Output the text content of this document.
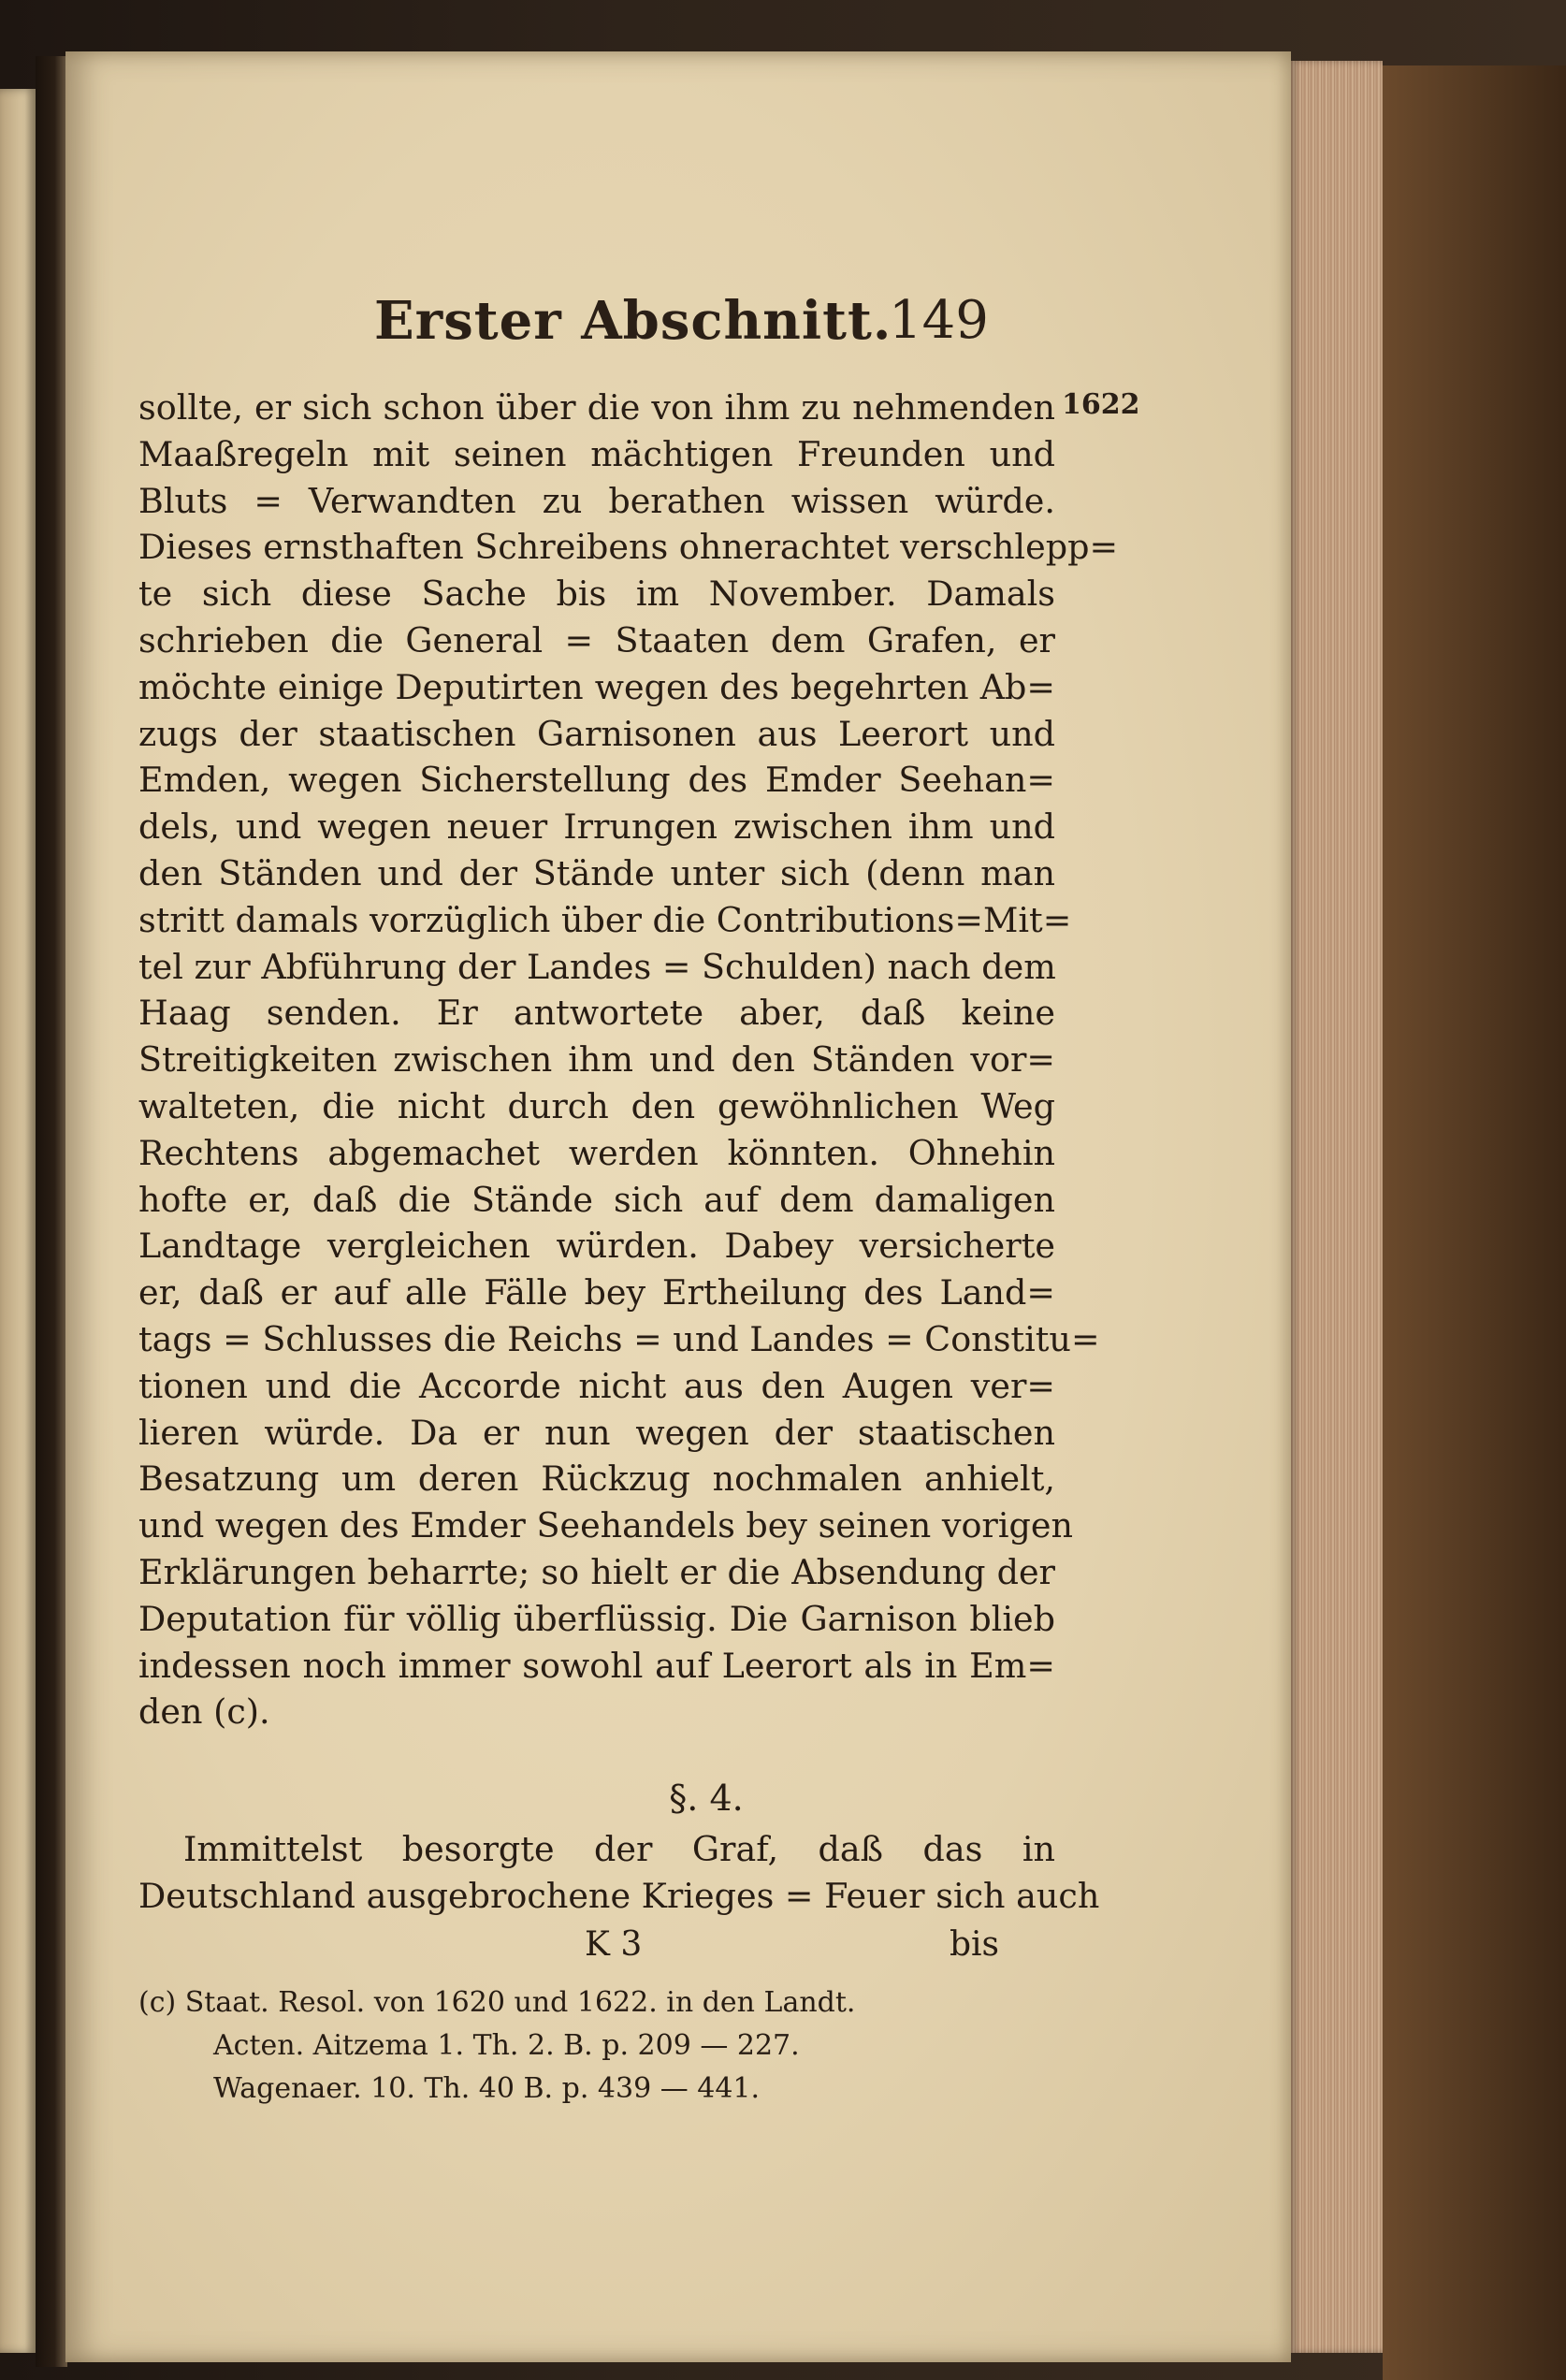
Erster Abschnitt.
149
1622
sollte, er sich schon über die von ihm zu nehmenden
Maaßregeln mit seinen mächtigen Freunden und
Bluts = Verwandten zu berathen wissen würde.
Dieses ernsthaften Schreibens ohnerachtet verschlepp=
te sich diese Sache bis im November. Damals
schrieben die General = Staaten dem Grafen, er
möchte einige Deputirten wegen des begehrten Ab=
zugs der staatischen Garnisonen aus Leerort und
Emden, wegen Sicherstellung des Emder Seehan=
dels, und wegen neuer Irrungen zwischen ihm und
den Ständen und der Stände unter sich (denn man
stritt damals vorzüglich über die Contributions=Mit=
tel zur Abführung der Landes = Schulden) nach dem
Haag senden. Er antwortete aber, daß keine
Streitigkeiten zwischen ihm und den Ständen vor=
walteten, die nicht durch den gewöhnlichen Weg
Rechtens abgemachet werden könnten. Ohnehin
hofte er, daß die Stände sich auf dem damaligen
Landtage vergleichen würden. Dabey versicherte
er, daß er auf alle Fälle bey Ertheilung des Land=
tags = Schlusses die Reichs = und Landes = Constitu=
tionen und die Accorde nicht aus den Augen ver=
lieren würde. Da er nun wegen der staatischen
Besatzung um deren Rückzug nochmalen anhielt,
und wegen des Emder Seehandels bey seinen vorigen
Erklärungen beharrte; so hielt er die Absendung der
Deputation für völlig überflüssig. Die Garnison blieb
indessen noch immer sowohl auf Leerort als in Em=
den (c).
§. 4.
Immittelst besorgte der Graf, daß das in
Deutschland ausgebrochene Krieges = Feuer sich auch
K 3	bis
(c) Staat. Resol. von 1620 und 1622. in den Landt.
Acten. Aitzema 1. Th. 2. B. p. 209 — 227.
Wagenaer. 10. Th. 40 B. p. 439 — 441.
